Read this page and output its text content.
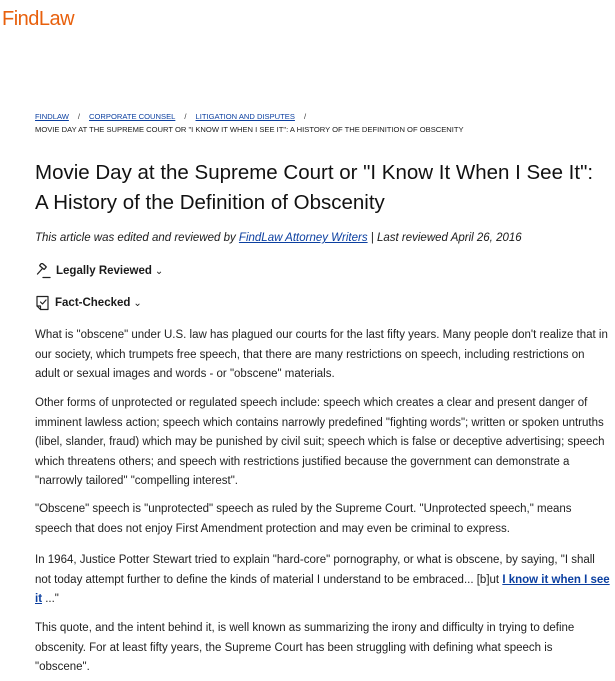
FindLaw
FINDLAW / CORPORATE COUNSEL / LITIGATION AND DISPUTES /
MOVIE DAY AT THE SUPREME COURT OR "I KNOW IT WHEN I SEE IT": A HISTORY OF THE DEFINITION OF OBSCENITY
Movie Day at the Supreme Court or "I Know It When I See It": A History of the Definition of Obscenity
This article was edited and reviewed by FindLaw Attorney Writers | Last reviewed April 26, 2016
Legally Reviewed ⌄
Fact-Checked ⌄

What is "obscene" under U.S. law has plagued our courts for the last fifty years. Many people don't realize that in our society, which trumpets free speech, that there are many restrictions on speech, including restrictions on adult or sexual images and words - or "obscene" materials.

Other forms of unprotected or regulated speech include: speech which creates a clear and present danger of imminent lawless action; speech which contains narrowly predefined "fighting words"; written or spoken untruths (libel, slander, fraud) which may be punished by civil suit; speech which is false or deceptive advertising; speech which threatens others; and speech with restrictions justified because the government can demonstrate a "narrowly tailored" "compelling interest".

"Obscene" speech is "unprotected" speech as ruled by the Supreme Court. "Unprotected speech," means speech that does not enjoy First Amendment protection and may even be criminal to express.

In 1964, Justice Potter Stewart tried to explain "hard-core" pornography, or what is obscene, by saying, "I shall not today attempt further to define the kinds of material I understand to be embraced... [b]ut I know it when I see it ..."

This quote, and the intent behind it, is well known as summarizing the irony and difficulty in trying to define obscenity. For at least fifty years, the Supreme Court has been struggling with defining what speech is "obscene".
